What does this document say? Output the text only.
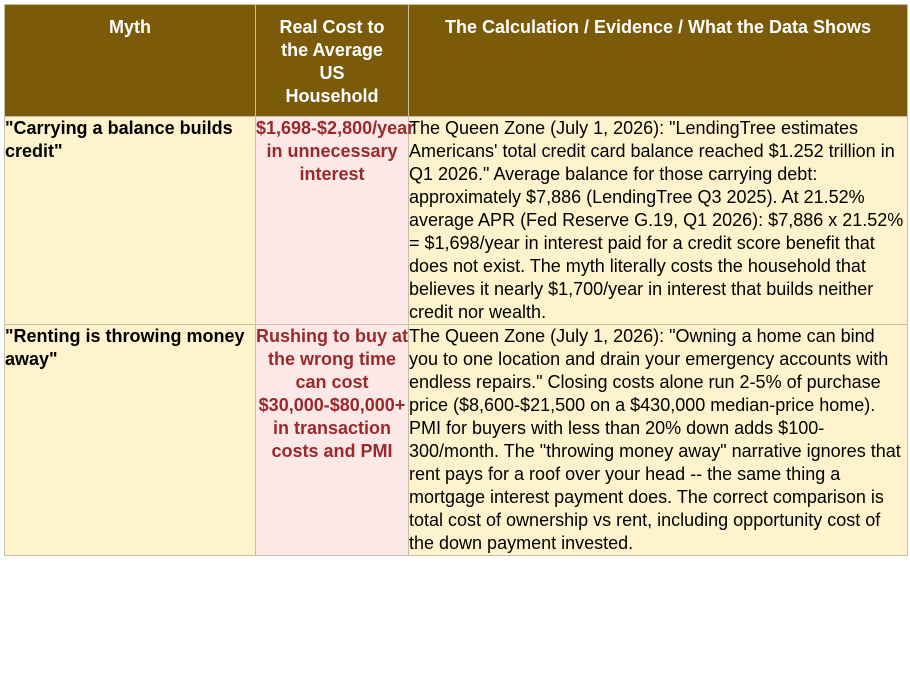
Myth	Real Cost to the Average US Household	The Calculation / Evidence / What the Data Shows

"Carrying a balance builds credit"	$1,698-$2,800/year in unnecessary interest	The Queen Zone (July 1, 2026): "LendingTree estimates Americans' total credit card balance reached $1.252 trillion in Q1 2026." Average balance for those carrying debt: approximately $7,886 (LendingTree Q3 2025). At 21.52% average APR (Fed Reserve G.19, Q1 2026): $7,886 x 21.52% = $1,698/year in interest paid for a credit score benefit that does not exist. The myth literally costs the household that believes it nearly $1,700/year in interest that builds neither credit nor wealth.
"Renting is throwing money away"	Rushing to buy at the wrong time can cost $30,000-$80,000+ in transaction costs and PMI	The Queen Zone (July 1, 2026): "Owning a home can bind you to one location and drain your emergency accounts with endless repairs." Closing costs alone run 2-5% of purchase price ($8,600-$21,500 on a $430,000 median-price home). PMI for buyers with less than 20% down adds $100-300/month. The "throwing money away" narrative ignores that rent pays for a roof over your head -- the same thing a mortgage interest payment does. The correct comparison is total cost of ownership vs rent, including opportunity cost of the down payment invested.
